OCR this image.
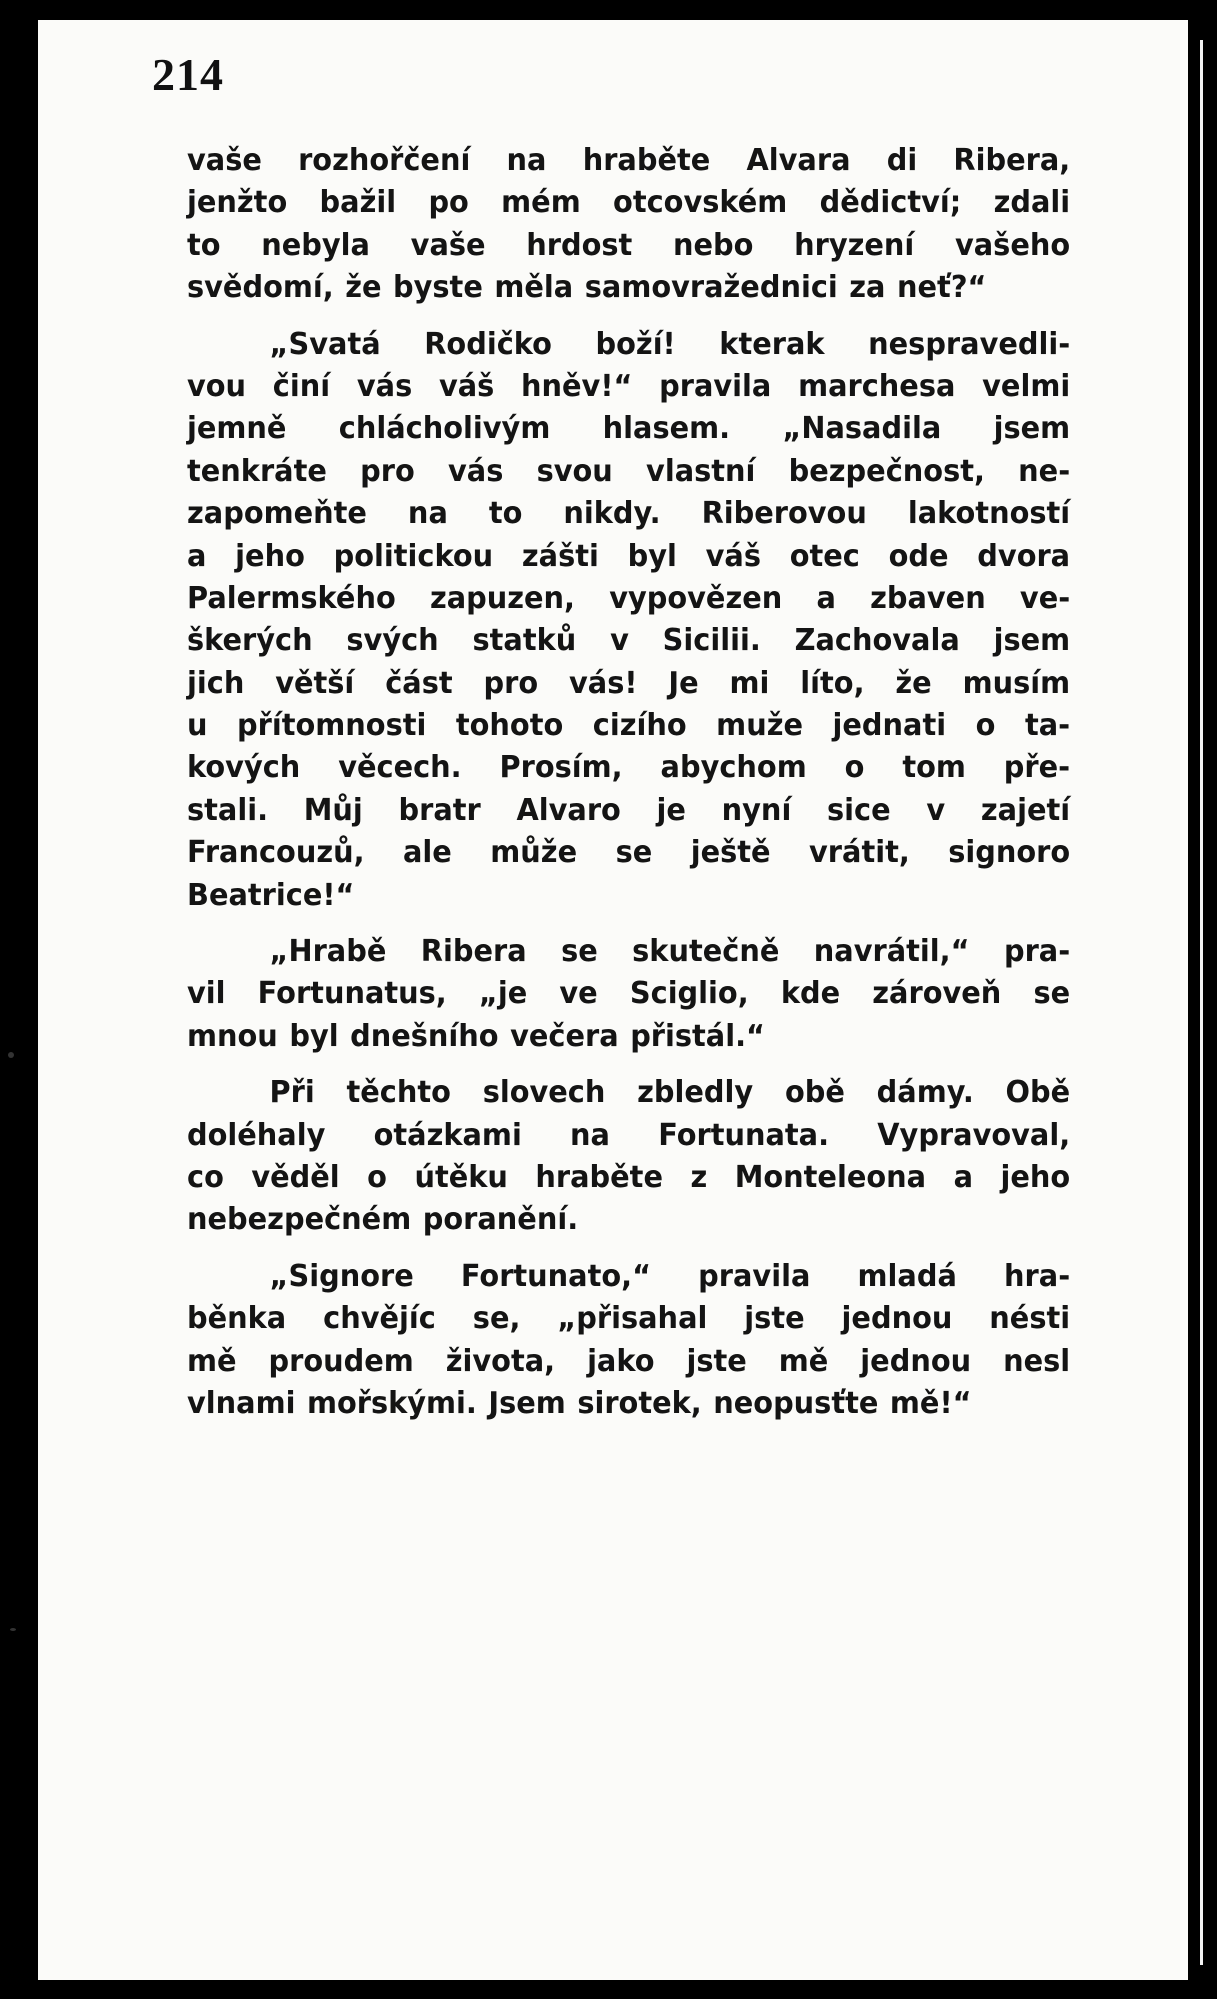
214
vaše rozhořčení na hraběte Alvara di Ribera,
jenžto bažil po mém otcovském dědictví; zdali
to nebyla vaše hrdost nebo hryzení vašeho
svědomí, že byste měla samovražednici za neť?“
„Svatá Rodičko boží! kterak nespravedli-
vou činí vás váš hněv!“ pravila marchesa velmi
jemně chlácholivým hlasem. „Nasadila jsem
tenkráte pro vás svou vlastní bezpečnost, ne-
zapomeňte na to nikdy. Riberovou lakotností
a jeho politickou zášti byl váš otec ode dvora
Palermského zapuzen, vypovězen a zbaven ve-
škerých svých statků v Sicilii. Zachovala jsem
jich větší část pro vás! Je mi líto, že musím
u přítomnosti tohoto cizího muže jednati o ta-
kových věcech. Prosím, abychom o tom pře-
stali. Můj bratr Alvaro je nyní sice v zajetí
Francouzů, ale může se ještě vrátit, signoro
Beatrice!“
„Hrabě Ribera se skutečně navrátil,“ pra-
vil Fortunatus, „je ve Sciglio, kde zároveň se
mnou byl dnešního večera přistál.“
Při těchto slovech zbledly obě dámy. Obě
doléhaly otázkami na Fortunata. Vypravoval,
co věděl o útěku hraběte z Monteleona a jeho
nebezpečném poranění.
„Signore Fortunato,“ pravila mladá hra-
běnka chvějíc se, „přisahal jste jednou nésti
mě proudem života, jako jste mě jednou nesl
vlnami mořskými. Jsem sirotek, neopusťte mě!“
